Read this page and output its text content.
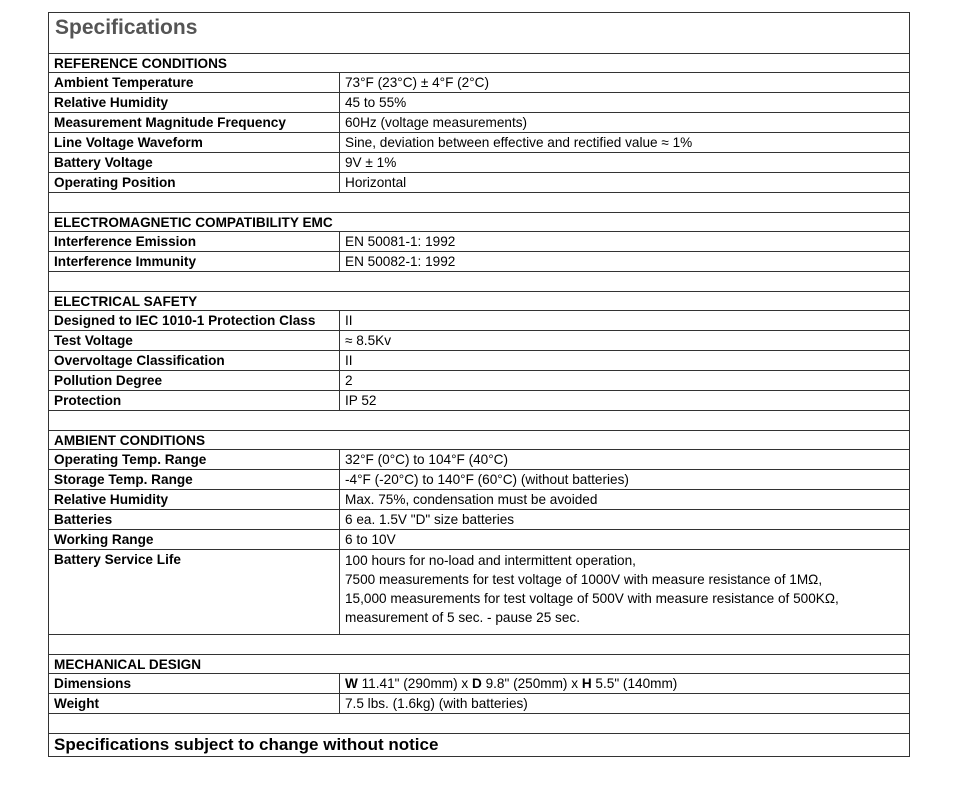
Specifications
REFERENCE CONDITIONS
Ambient Temperature	73°F (23°C) ± 4°F (2°C)
Relative Humidity	45 to 55%
Measurement Magnitude Frequency	60Hz (voltage measurements)
Line Voltage Waveform	Sine, deviation between effective and rectified value ≈ 1%
Battery Voltage	9V ± 1%
Operating Position	Horizontal
ELECTROMAGNETIC COMPATIBILITY EMC
Interference Emission	EN 50081-1: 1992
Interference Immunity	EN 50082-1: 1992
ELECTRICAL SAFETY
Designed to IEC 1010-1 Protection Class	II
Test Voltage	≈ 8.5Kv
Overvoltage Classification	II
Pollution Degree	2
Protection	IP 52
AMBIENT CONDITIONS
Operating Temp. Range	32°F (0°C) to 104°F (40°C)
Storage Temp. Range	-4°F (-20°C) to 140°F (60°C) (without batteries)
Relative Humidity	Max. 75%, condensation must be avoided
Batteries	6 ea. 1.5V "D" size batteries
Working Range	6 to 10V
Battery Service Life	100 hours for no-load and intermittent operation,
7500 measurements for test voltage of 1000V with measure resistance of 1MΩ,
15,000 measurements for test voltage of 500V with measure resistance of 500KΩ,
measurement of 5 sec. - pause 25 sec.
MECHANICAL DESIGN
Dimensions	W 11.41" (290mm) x D 9.8" (250mm) x H 5.5" (140mm)
Weight	7.5 lbs. (1.6kg) (with batteries)
Specifications subject to change without notice
